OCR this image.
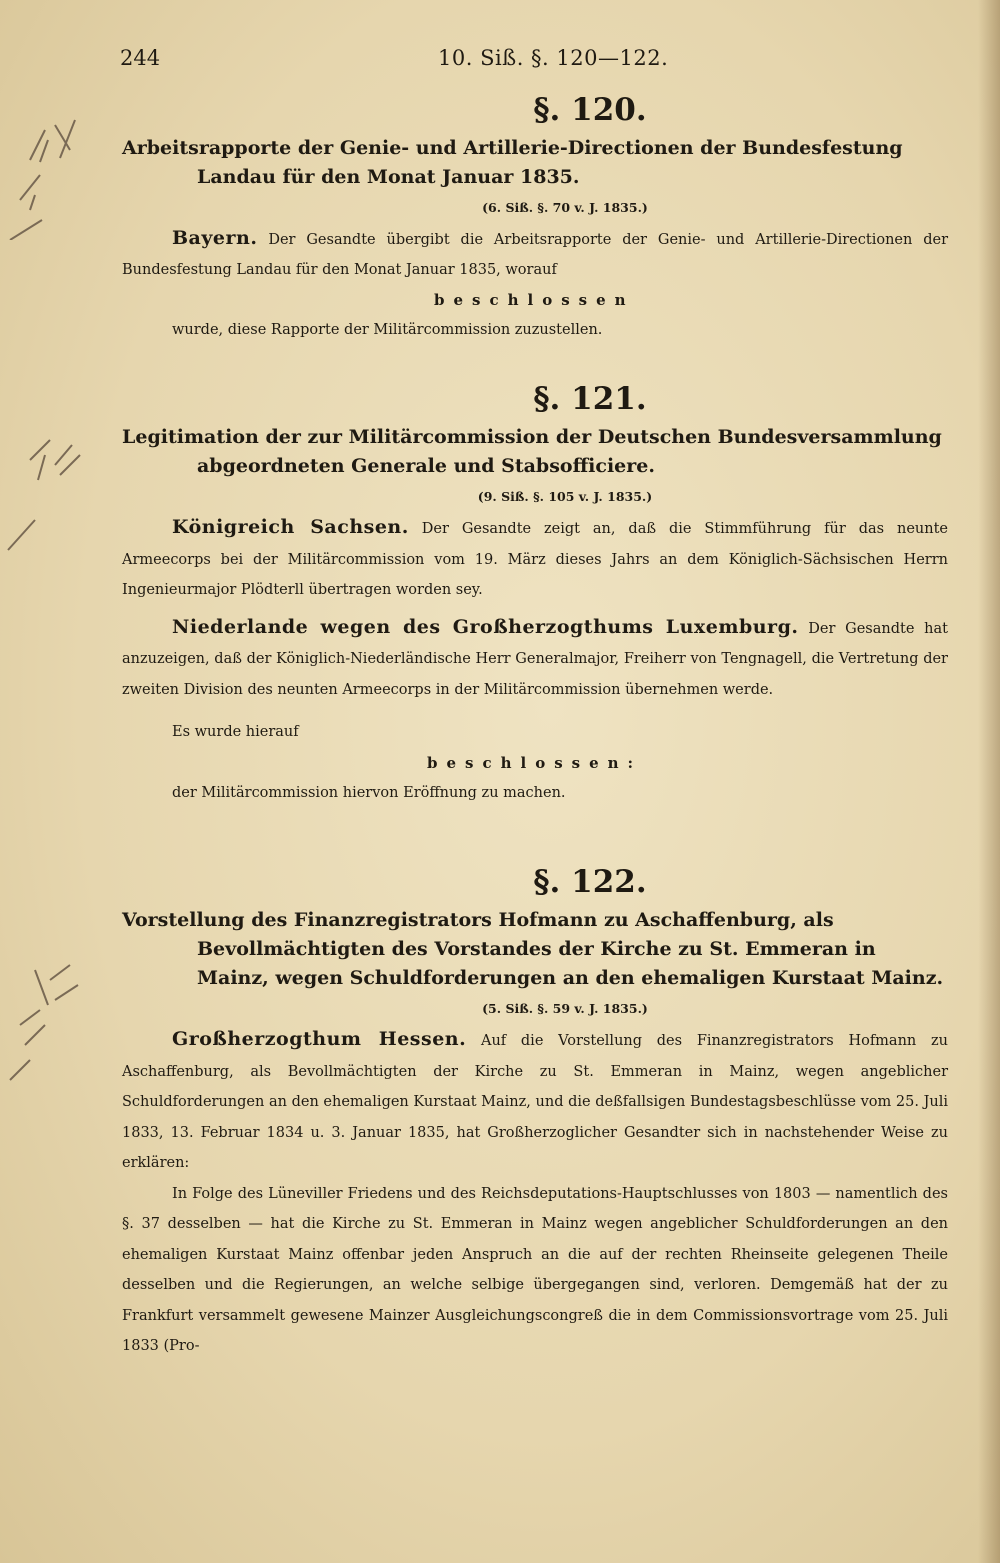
244	10. Siß. §. 120—122.
§. 120.

Arbeitsrapporte der Genie- und Artillerie-Directionen der Bundesfestung Landau für den Monat Januar 1835.

(6. Siß. §. 70 v. J. 1835.)

Bayern. Der Gesandte übergibt die Arbeitsrapporte der Genie- und Artillerie-Directionen der Bundesfestung Landau für den Monat Januar 1835, worauf

beschlossen

wurde, diese Rapporte der Militärcommission zuzustellen.

§. 121.

Legitimation der zur Militärcommission der Deutschen Bundesversammlung abgeordneten Generale und Stabsofficiere.

(9. Siß. §. 105 v. J. 1835.)

Königreich Sachsen. Der Gesandte zeigt an, daß die Stimmführung für das neunte Armeecorps bei der Militärcommission vom 19. März dieses Jahrs an dem Königlich-Sächsischen Herrn Ingenieurmajor Plödterll übertragen worden sey.

Niederlande wegen des Großherzogthums Luxemburg. Der Gesandte hat anzuzeigen, daß der Königlich-Niederländische Herr Generalmajor, Freiherr von Tengnagell, die Vertretung der zweiten Division des neunten Armeecorps in der Militärcommission übernehmen werde.

Es wurde hierauf

beschlossen:

der Militärcommission hiervon Eröffnung zu machen.

§. 122.

Vorstellung des Finanzregistrators Hofmann zu Aschaffenburg, als Bevollmächtigten des Vorstandes der Kirche zu St. Emmeran in Mainz, wegen Schuldforderungen an den ehemaligen Kurstaat Mainz.

(5. Siß. §. 59 v. J. 1835.)

Großherzogthum Hessen. Auf die Vorstellung des Finanzregistrators Hofmann zu Aschaffenburg, als Bevollmächtigten der Kirche zu St. Emmeran in Mainz, wegen angeblicher Schuldforderungen an den ehemaligen Kurstaat Mainz, und die deßfallsigen Bundestagsbeschlüsse vom 25. Juli 1833, 13. Februar 1834 u. 3. Januar 1835, hat Großherzoglicher Gesandter sich in nachstehender Weise zu erklären:

In Folge des Lüneviller Friedens und des Reichsdeputations-Hauptschlusses von 1803 — namentlich des §. 37 desselben — hat die Kirche zu St. Emmeran in Mainz wegen angeblicher Schuldforderungen an den ehemaligen Kurstaat Mainz offenbar jeden Anspruch an die auf der rechten Rheinseite gelegenen Theile desselben und die Regierungen, an welche selbige übergegangen sind, verloren. Demgemäß hat der zu Frankfurt versammelt gewesene Mainzer Ausgleichungscongreß die in dem Commissionsvortrage vom 25. Juli 1833 (Pro-
